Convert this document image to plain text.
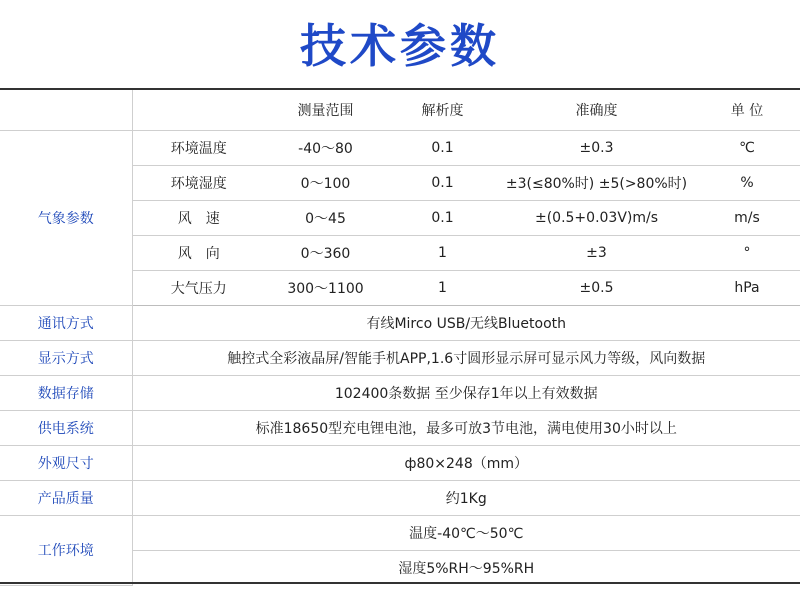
技术参数
		测量范围	解析度	准确度	单 位
气象参数	环境温度	-40～80	0.1	±0.3	℃
	环境湿度	0～100	0.1	±3(≤80%时) ±5(>80%时)	%
	风　速	0～45	0.1	±(0.5+0.03V)m/s	m/s
	风　向	0～360	1	±3	°
	大气压力	300～1100	1	±0.5	hPa
通讯方式	有线Mirco USB/无线Bluetooth				
显示方式	触控式全彩液晶屏/智能手机APP,1.6寸圆形显示屏可显示风力等级，风向数据				
数据存储	102400条数据 至少保存1年以上有效数据				
供电系统	标准18650型充电锂电池，最多可放3节电池，满电使用30小时以上				
外观尺寸	ф80×248（mm）				
产品质量	约1Kg				
工作环境	温度-40℃～50℃				
	湿度5%RH～95%RH				
